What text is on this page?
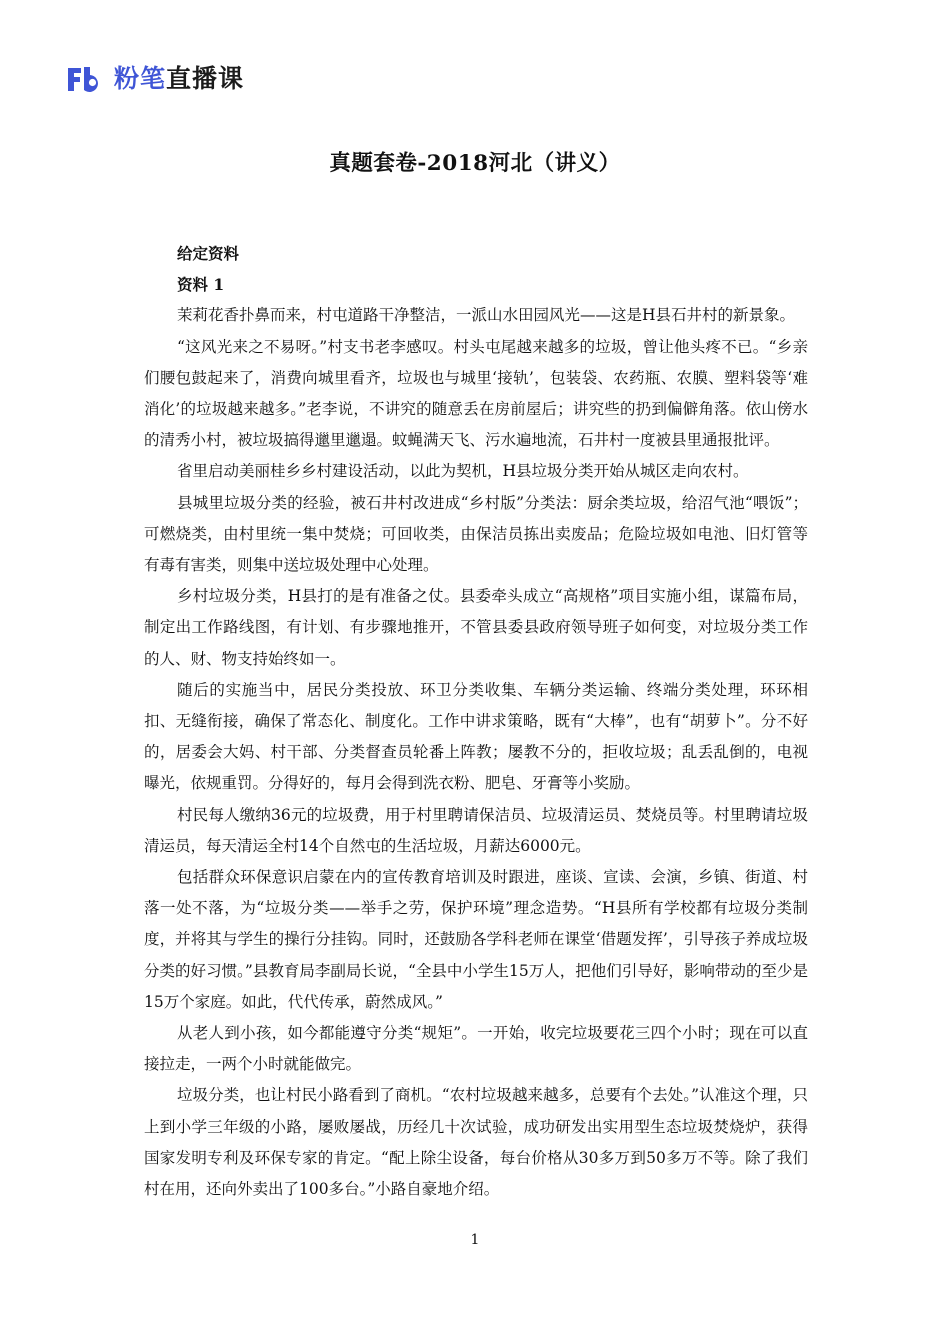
粉笔直播课
真题套卷-2018河北（讲义）

给定资料

资料 1

茉莉花香扑鼻而来，村屯道路干净整洁，一派山水田园风光——这是H县石井村的新景象。

“这风光来之不易呀。”村支书老李感叹。村头屯尾越来越多的垃圾，曾让他头疼不已。“乡亲们腰包鼓起来了，消费向城里看齐，垃圾也与城里‘接轨’，包装袋、农药瓶、农膜、塑料袋等‘难消化’的垃圾越来越多。”老李说，不讲究的随意丢在房前屋后；讲究些的扔到偏僻角落。依山傍水的清秀小村，被垃圾搞得邋里邋遢。蚊蝇满天飞、污水遍地流，石井村一度被县里通报批评。

省里启动美丽桂乡乡村建设活动，以此为契机，H县垃圾分类开始从城区走向农村。

县城里垃圾分类的经验，被石井村改进成“乡村版”分类法：厨余类垃圾，给沼气池“喂饭”；可燃烧类，由村里统一集中焚烧；可回收类，由保洁员拣出卖废品；危险垃圾如电池、旧灯管等有毒有害类，则集中送垃圾处理中心处理。

乡村垃圾分类，H县打的是有准备之仗。县委牵头成立“高规格”项目实施小组，谋篇布局，制定出工作路线图，有计划、有步骤地推开，不管县委县政府领导班子如何变，对垃圾分类工作的人、财、物支持始终如一。

随后的实施当中，居民分类投放、环卫分类收集、车辆分类运输、终端分类处理，环环相扣、无缝衔接，确保了常态化、制度化。工作中讲求策略，既有“大棒”，也有“胡萝卜”。分不好的，居委会大妈、村干部、分类督查员轮番上阵教；屡教不分的，拒收垃圾；乱丢乱倒的，电视曝光，依规重罚。分得好的，每月会得到洗衣粉、肥皂、牙膏等小奖励。

村民每人缴纳36元的垃圾费，用于村里聘请保洁员、垃圾清运员、焚烧员等。村里聘请垃圾清运员，每天清运全村14个自然屯的生活垃圾，月薪达6000元。

包括群众环保意识启蒙在内的宣传教育培训及时跟进，座谈、宣读、会演，乡镇、街道、村落一处不落，为“垃圾分类——举手之劳，保护环境”理念造势。“H县所有学校都有垃圾分类制度，并将其与学生的操行分挂钩。同时，还鼓励各学科老师在课堂‘借题发挥’，引导孩子养成垃圾分类的好习惯。”县教育局李副局长说，“全县中小学生15万人，把他们引导好，影响带动的至少是15万个家庭。如此，代代传承，蔚然成风。”

从老人到小孩，如今都能遵守分类“规矩”。一开始，收完垃圾要花三四个小时；现在可以直接拉走，一两个小时就能做完。

垃圾分类，也让村民小路看到了商机。“农村垃圾越来越多，总要有个去处。”认准这个理，只上到小学三年级的小路，屡败屡战，历经几十次试验，成功研发出实用型生态垃圾焚烧炉，获得国家发明专利及环保专家的肯定。“配上除尘设备，每台价格从30多万到50多万不等。除了我们村在用，还向外卖出了100多台。”小路自豪地介绍。

1
